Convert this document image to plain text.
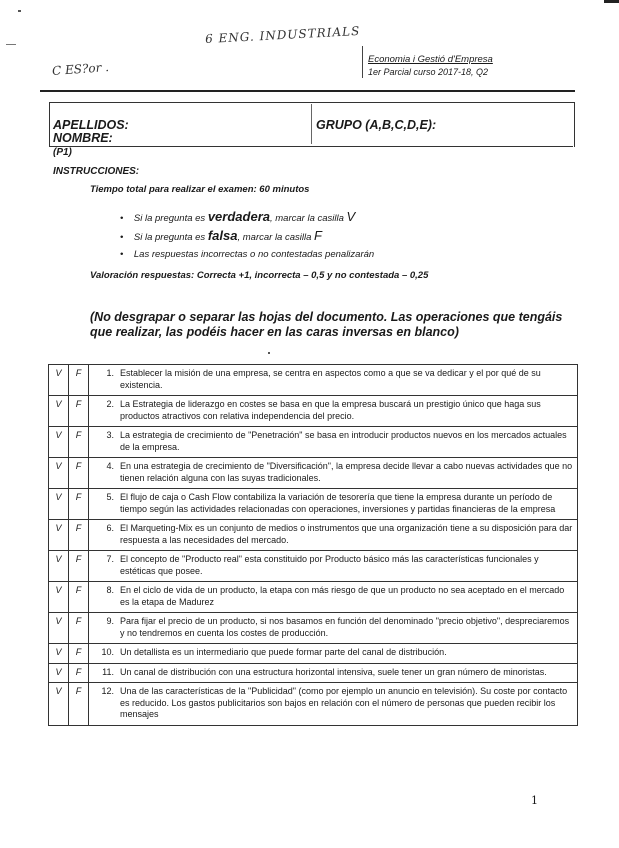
6 ENG. INDUSTRIALS
C ES?or .
Economia i Gestió d'Empresa
1er Parcial curso 2017-18, Q2
APELLIDOS:
NOMBRE:
GRUPO (A,B,C,D,E):
(P1)
INSTRUCCIONES:
Tiempo total para realizar el examen: 60 minutos
•    Si la pregunta es verdadera, marcar la casilla V
•    Si la pregunta es falsa, marcar la casilla F
•    Las respuestas incorrectas o no contestadas penalizarán
Valoración respuestas: Correcta +1, incorrecta – 0,5 y no contestada – 0,25
(No desgrapar o separar las hojas del documento. Las operaciones que tengáis que realizar, las podéis hacer en las caras inversas en blanco)
V	F	1.	Establecer la misión de una empresa, se centra en aspectos como a que se va dedicar y el por qué de su existencia.
V	F	2.	La Estrategia de liderazgo en costes se basa en que la empresa buscará un prestigio único que haga sus productos atractivos con relativa independencia del precio.
V	F	3.	La estrategia de crecimiento de "Penetración" se basa en introducir productos nuevos en los mercados actuales de la empresa.
V	F	4.	En una estrategia de crecimiento de "Diversificación", la empresa decide llevar a cabo nuevas actividades que no tienen relación alguna con las suyas tradicionales.
V	F	5.	El flujo de caja o Cash Flow contabiliza la variación de tesorería que tiene la empresa durante un período de tiempo según las actividades relacionadas con operaciones, inversiones y partidas financieras de la empresa
V	F	6.	El Marqueting-Mix es un conjunto de medios o instrumentos que una organización tiene a su disposición para dar respuesta a las necesidades del mercado.
V	F	7.	El concepto de "Producto real" esta constituido por Producto básico más las características funcionales y estéticas que posee.
V	F	8.	En el ciclo de vida de un producto, la etapa con más riesgo de que un producto no sea aceptado en el mercado es la etapa de Madurez
V	F	9.	Para fijar el precio de un producto, si nos basamos en función del denominado "precio objetivo", despreciaremos y no tendremos en cuenta los costes de producción.
V	F	10.	Un detallista es un intermediario que puede formar parte del canal de distribución.
V	F	11.	Un canal de distribución con una estructura horizontal intensiva, suele tener un gran número de minoristas.
V	F	12.	Una de las características de la "Publicidad" (como por ejemplo un anuncio en televisión). Su coste por contacto es reducido. Los gastos publicitarios son bajos en relación con el número de personas que pueden recibir los mensajes
1
